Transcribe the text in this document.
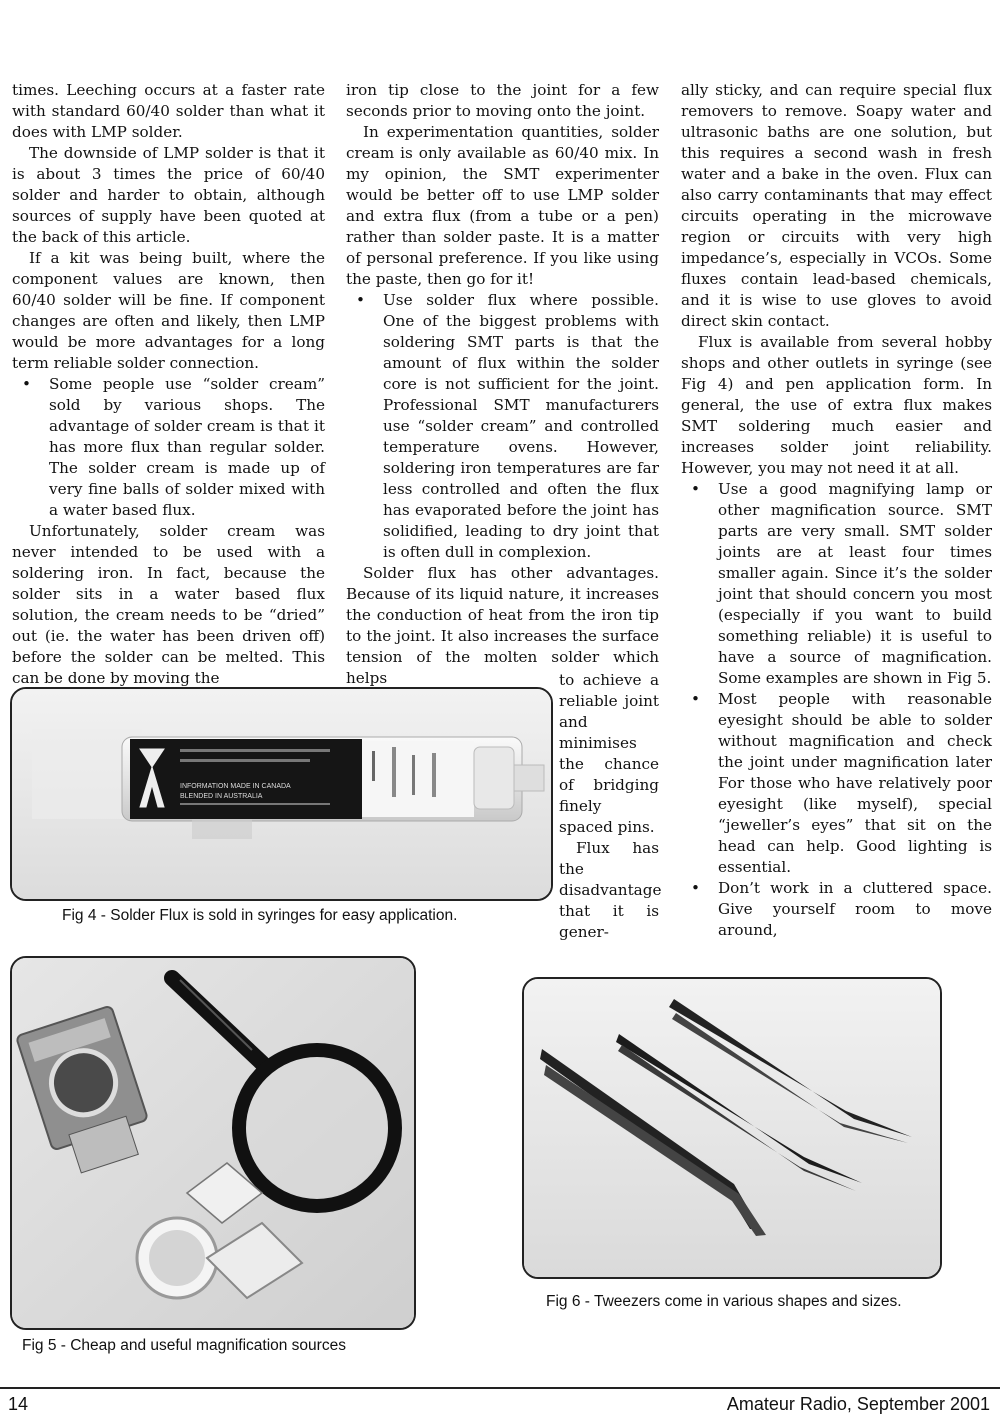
times. Leeching occurs at a faster rate with standard 60/40 solder than what it does with LMP solder.

The downside of LMP solder is that it is about 3 times the price of 60/40 solder and harder to obtain, although sources of supply have been quoted at the back of this article.

If a kit was being built, where the component values are known, then 60/40 solder will be fine. If component changes are often and likely, then LMP would be more advantages for a long term reliable solder connection.

• Some people use “solder cream” sold by various shops. The advantage of solder cream is that it has more flux than regular solder. The solder cream is made up of very fine balls of solder mixed with a water based flux.

Unfortunately, solder cream was never intended to be used with a soldering iron. In fact, because the solder sits in a water based flux solution, the cream needs to be “dried” out (ie. the water has been driven off) before the solder can be melted. This can be done by moving the

iron tip close to the joint for a few seconds prior to moving onto the joint.

In experimentation quantities, solder cream is only available as 60/40 mix. In my opinion, the SMT experimenter would be better off to use LMP solder and extra flux (from a tube or a pen) rather than solder paste. It is a matter of personal preference. If you like using the paste, then go for it!

• Use solder flux where possible. One of the biggest problems with soldering SMT parts is that the amount of flux within the solder core is not sufficient for the joint. Professional SMT manufacturers use “solder cream” and controlled temperature ovens. However, soldering iron temperatures are far less controlled and often the flux has evaporated before the joint has solidified, leading to dry joint that is often dull in complexion.

Solder flux has other advantages. Because of its liquid nature, it increases the conduction of heat from the iron tip to the joint. It also increases the surface tension of the molten solder which helps	to achieve a reliable joint and minimises the chance of bridging finely spaced pins.

Flux has the disadvantage that it is gener-

ally sticky, and can require special flux removers to remove. Soapy water and ultrasonic baths are one solution, but this requires a second wash in fresh water and a bake in the oven. Flux can also carry contaminants that may effect circuits operating in the microwave region or circuits with very high impedance’s, especially in VCOs. Some fluxes contain lead-based chemicals, and it is wise to use gloves to avoid direct skin contact.

Flux is available from several hobby shops and other outlets in syringe (see Fig 4) and pen application form. In general, the use of extra flux makes SMT soldering much easier and increases solder joint reliability. However, you may not need it at all.

• Use a good magnifying lamp or other magnification source. SMT parts are very small. SMT solder joints are at least four times smaller again. Since it’s the solder joint that should concern you most (especially if you want to build something reliable) it is useful to have a source of magnification. Some examples are shown in Fig 5.
• Most people with reasonable eyesight should be able to solder without magnification and check the joint under magnification later For those who have relatively poor eyesight (like myself), special “jeweller’s eyes” that sit on the head can help. Good lighting is essential.
• Don’t work in a cluttered space. Give yourself room to move around,
INFORMATION MADE IN CANADA
BLENDED IN AUSTRALIA
Fig 4 - Solder Flux is sold in syringes for easy application.
Fig 5 - Cheap and useful magnification sources
Fig 6 - Tweezers come in various shapes and sizes.
14	Amateur Radio, September 2001
